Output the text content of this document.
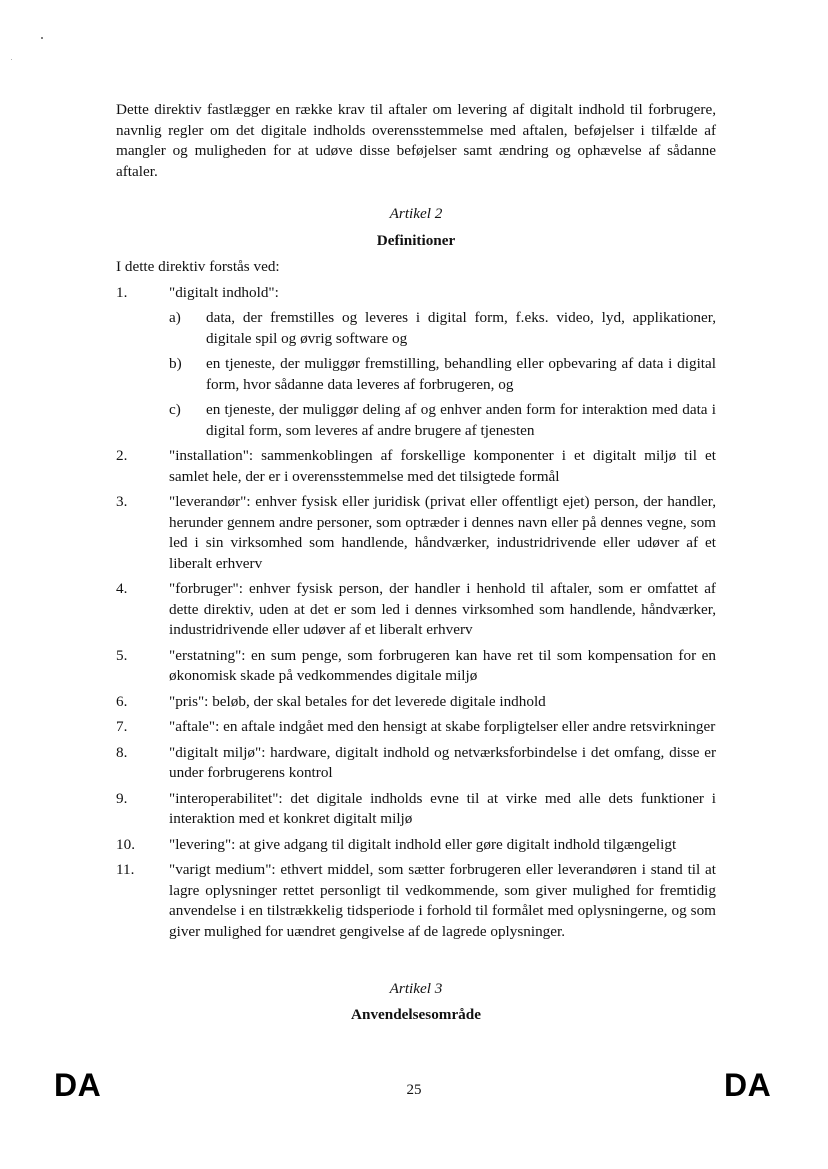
Dette direktiv fastlægger en række krav til aftaler om levering af digitalt indhold til forbrugere, navnlig regler om det digitale indholds overensstemmelse med aftalen, beføjelser i tilfælde af mangler og muligheden for at udøve disse beføjelser samt ændring og ophævelse af sådanne aftaler.

Artikel 2
Definitioner
I dette direktiv forstås ved:
1.	"digitalt indhold":
a)	data, der fremstilles og leveres i digital form, f.eks. video, lyd, applikationer, digitale spil og øvrig software og
b)	en tjeneste, der muliggør fremstilling, behandling eller opbevaring af data i digital form, hvor sådanne data leveres af forbrugeren, og
c)	en tjeneste, der muliggør deling af og enhver anden form for interaktion med data i digital form, som leveres af andre brugere af tjenesten
2.	"installation": sammenkoblingen af forskellige komponenter i et digitalt miljø til et samlet hele, der er i overensstemmelse med det tilsigtede formål
3.	"leverandør": enhver fysisk eller juridisk (privat eller offentligt ejet) person, der handler, herunder gennem andre personer, som optræder i dennes navn eller på dennes vegne, som led i sin virksomhed som handlende, håndværker, industridrivende eller udøver af et liberalt erhverv
4.	"forbruger": enhver fysisk person, der handler i henhold til aftaler, som er omfattet af dette direktiv, uden at det er som led i dennes virksomhed som handlende, håndværker, industridrivende eller udøver af et liberalt erhverv
5.	"erstatning": en sum penge, som forbrugeren kan have ret til som kompensation for en økonomisk skade på vedkommendes digitale miljø
6.	"pris": beløb, der skal betales for det leverede digitale indhold
7.	"aftale": en aftale indgået med den hensigt at skabe forpligtelser eller andre retsvirkninger
8.	"digitalt miljø": hardware, digitalt indhold og netværksforbindelse i det omfang, disse er under forbrugerens kontrol
9.	"interoperabilitet": det digitale indholds evne til at virke med alle dets funktioner i interaktion med et konkret digitalt miljø
10.	"levering": at give adgang til digitalt indhold eller gøre digitalt indhold tilgængeligt
11.	"varigt medium": ethvert middel, som sætter forbrugeren eller leverandøren i stand til at lagre oplysninger rettet personligt til vedkommende, som giver mulighed for fremtidig anvendelse i en tilstrækkelig tidsperiode i forhold til formålet med oplysningerne, og som giver mulighed for uændret gengivelse af de lagrede oplysninger.
Artikel 3
Anvendelsesområde
DA	25	DA
